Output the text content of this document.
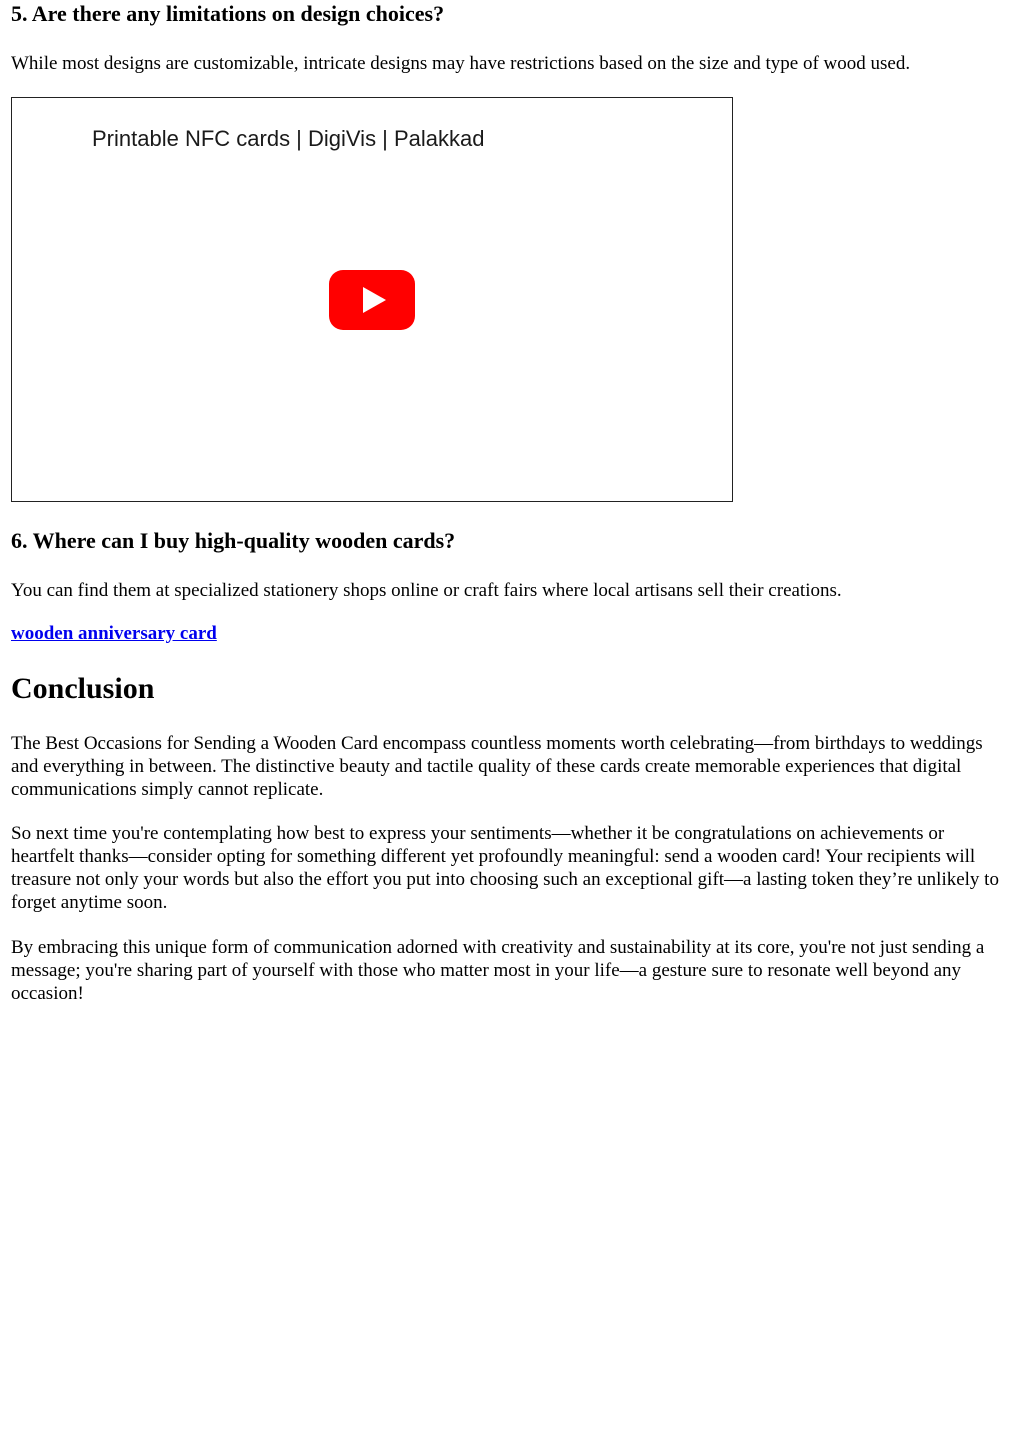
5. Are there any limitations on design choices?

While most designs are customizable, intricate designs may have restrictions based on the size and type of wood used.

Printable NFC cards | DigiVis | Palakkad
6. Where can I buy high-quality wooden cards?

You can find them at specialized stationery shops online or craft fairs where local artisans sell their creations.

wooden anniversary card
Conclusion

The Best Occasions for Sending a Wooden Card encompass countless moments worth celebrating—from birthdays to weddings and everything in between. The distinctive beauty and tactile quality of these cards create memorable experiences that digital communications simply cannot replicate.

So next time you're contemplating how best to express your sentiments—whether it be congratulations on achievements or heartfelt thanks—consider opting for something different yet profoundly meaningful: send a wooden card! Your recipients will treasure not only your words but also the effort you put into choosing such an exceptional gift—a lasting token they’re unlikely to forget anytime soon.

By embracing this unique form of communication adorned with creativity and sustainability at its core, you're not just sending a message; you're sharing part of yourself with those who matter most in your life—a gesture sure to resonate well beyond any occasion!
